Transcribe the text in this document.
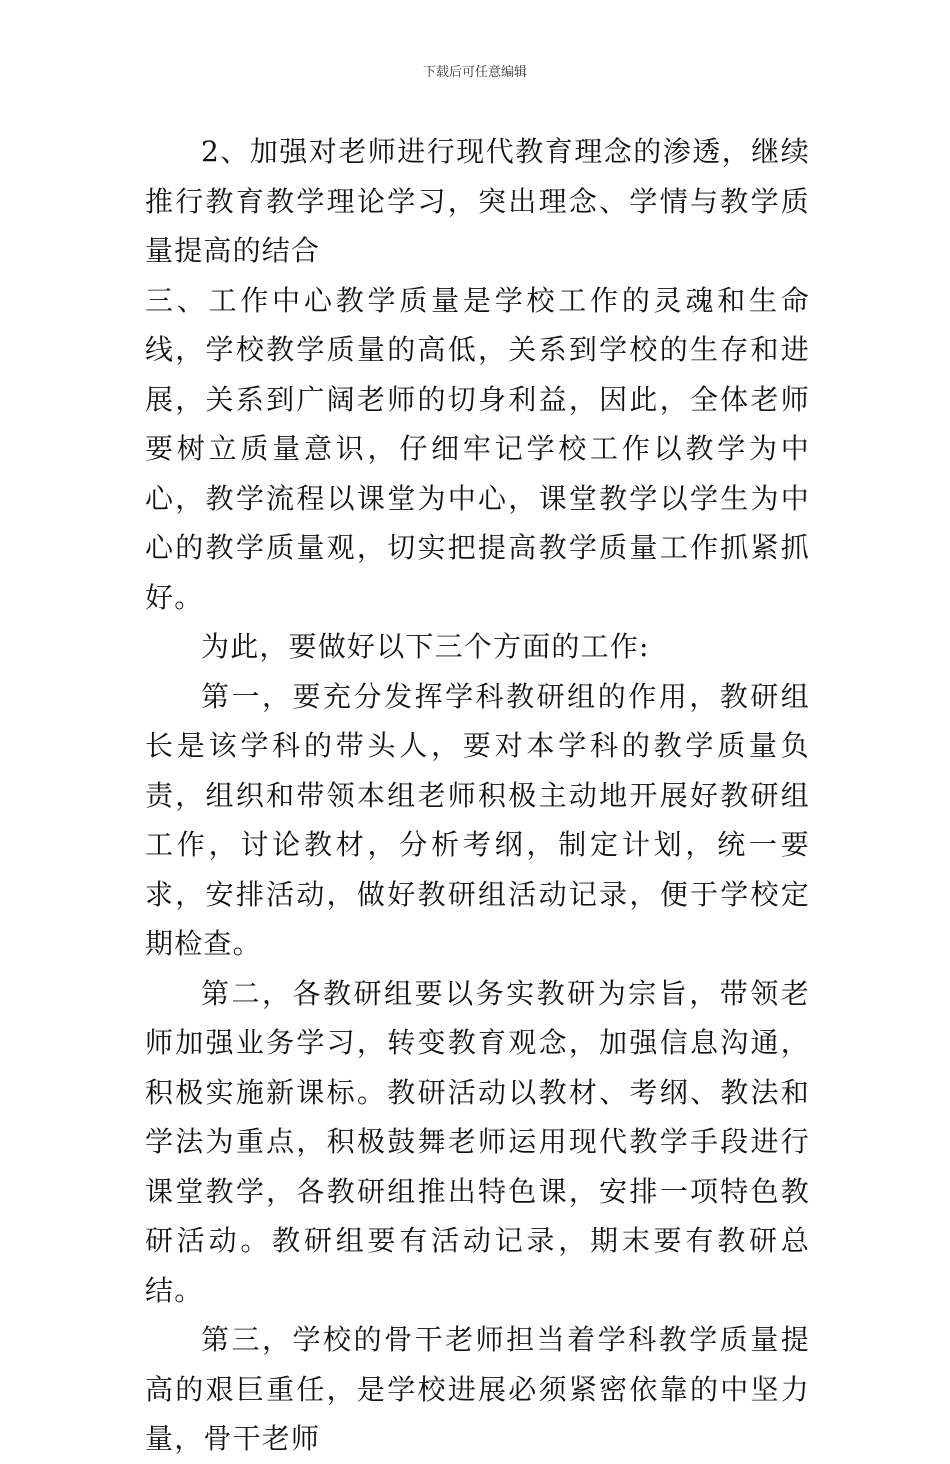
下载后可任意编辑

2、加强对老师进行现代教育理念的渗透，继续推行教育教学理论学习，突出理念、学情与教学质量提高的结合

三、工作中心教学质量是学校工作的灵魂和生命线，学校教学质量的高低，关系到学校的生存和进展，关系到广阔老师的切身利益，因此，全体老师要树立质量意识，仔细牢记学校工作以教学为中心，教学流程以课堂为中心，课堂教学以学生为中心的教学质量观，切实把提高教学质量工作抓紧抓好。

为此，要做好以下三个方面的工作:

第一，要充分发挥学科教研组的作用，教研组长是该学科的带头人，要对本学科的教学质量负责，组织和带领本组老师积极主动地开展好教研组工作，讨论教材，分析考纲，制定计划，统一要求，安排活动，做好教研组活动记录，便于学校定期检查。

第二，各教研组要以务实教研为宗旨，带领老师加强业务学习，转变教育观念，加强信息沟通，积极实施新课标。教研活动以教材、考纲、教法和学法为重点，积极鼓舞老师运用现代教学手段进行课堂教学，各教研组推出特色课，安排一项特色教研活动。教研组要有活动记录，期末要有教研总结。

第三，学校的骨干老师担当着学科教学质量提高的艰巨重任，是学校进展必须紧密依靠的中坚力量，骨干老师
